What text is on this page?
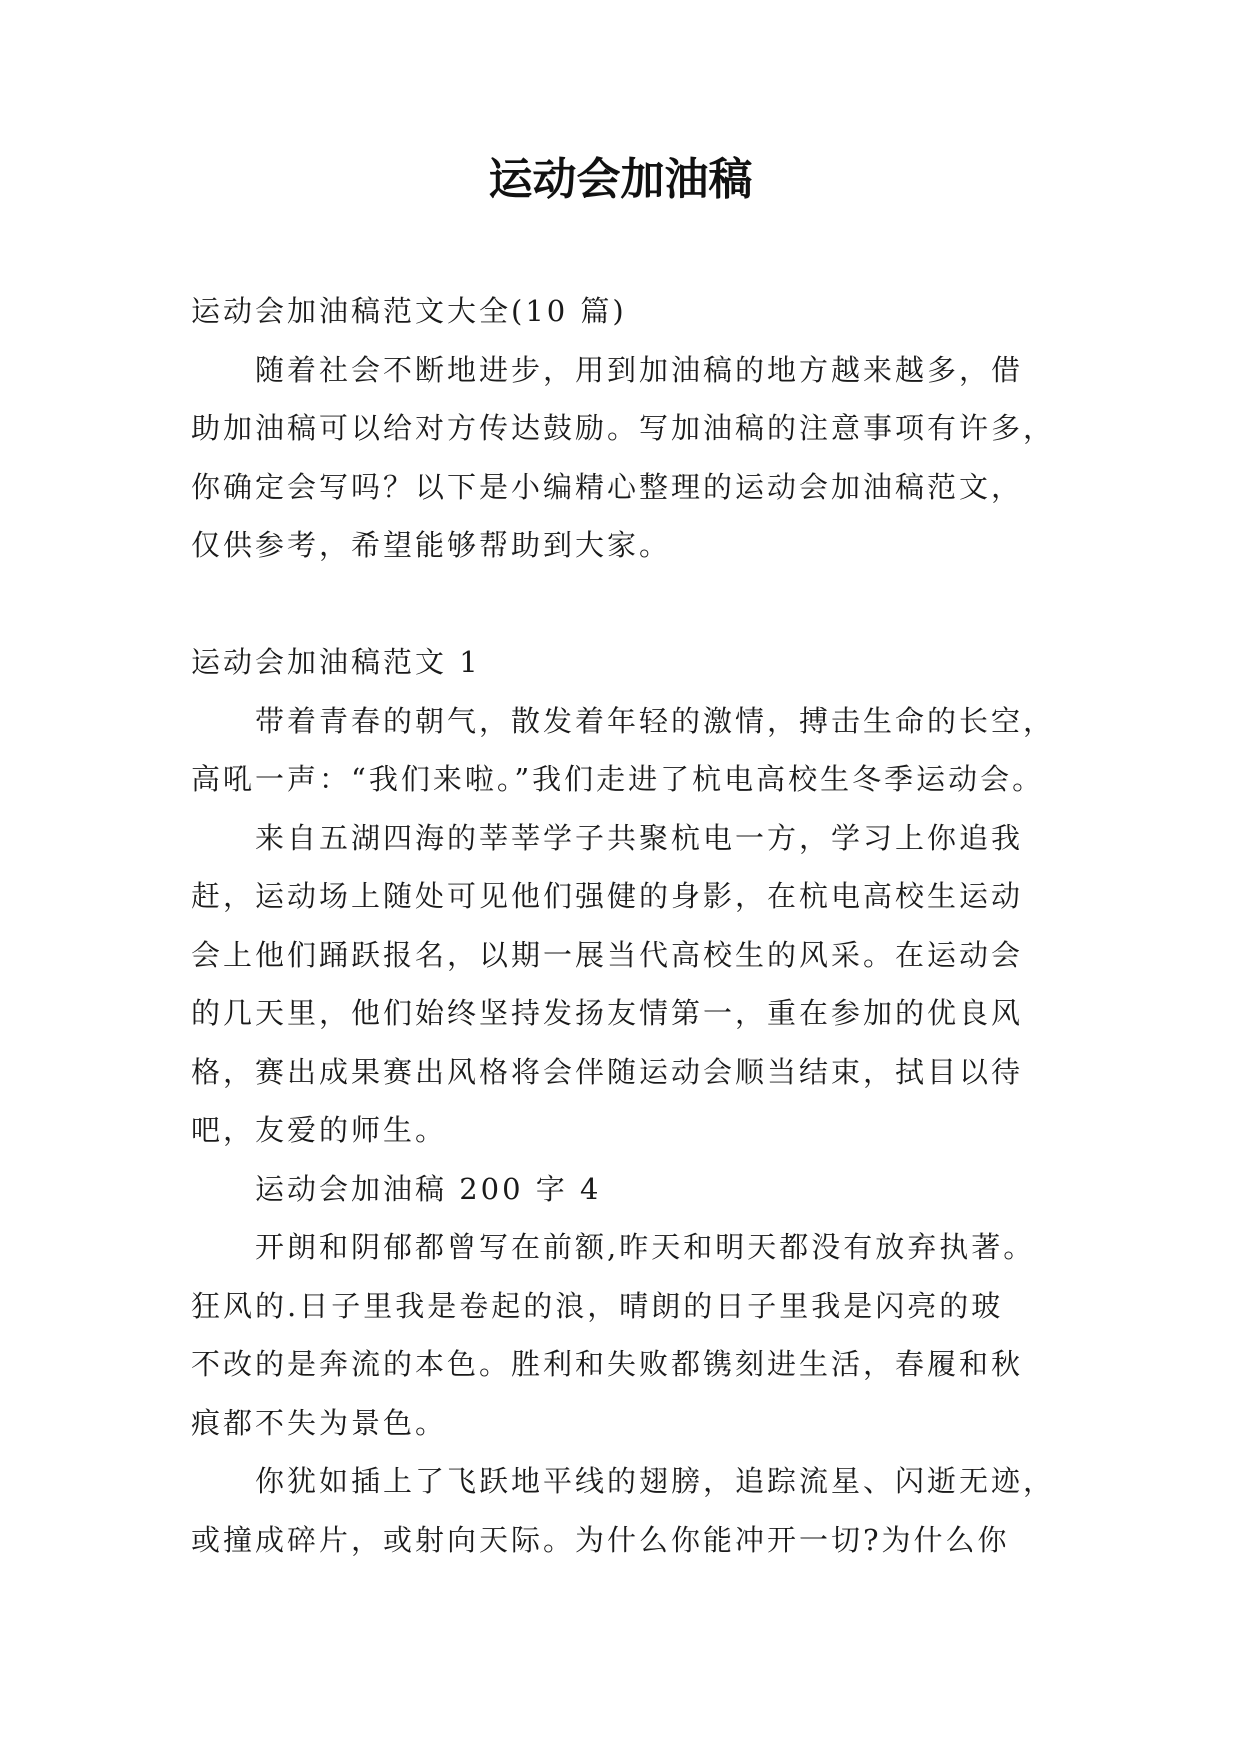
运动会加油稿
运动会加油稿范文大全(10 篇)
随着社会不断地进步，用到加油稿的地方越来越多，借
助加油稿可以给对方传达鼓励。写加油稿的注意事项有许多，
你确定会写吗？以下是小编精心整理的运动会加油稿范文，
仅供参考，希望能够帮助到大家。
运动会加油稿范文 1
带着青春的朝气，散发着年轻的激情，搏击生命的长空，
高吼一声：“我们来啦。”我们走进了杭电高校生冬季运动会。
来自五湖四海的莘莘学子共聚杭电一方，学习上你追我
赶，运动场上随处可见他们强健的身影，在杭电高校生运动
会上他们踊跃报名，以期一展当代高校生的风采。在运动会
的几天里，他们始终坚持发扬友情第一，重在参加的优良风
格，赛出成果赛出风格将会伴随运动会顺当结束，拭目以待
吧，友爱的师生。
运动会加油稿 200 字 4
开朗和阴郁都曾写在前额,昨天和明天都没有放弃执著。
狂风的.日子里我是卷起的浪，晴朗的日子里我是闪亮的玻
不改的是奔流的本色。胜利和失败都镌刻进生活，春履和秋
痕都不失为景色。
你犹如插上了飞跃地平线的翅膀，追踪流星、闪逝无迹，
或撞成碎片，或射向天际。为什么你能冲开一切?为什么你
